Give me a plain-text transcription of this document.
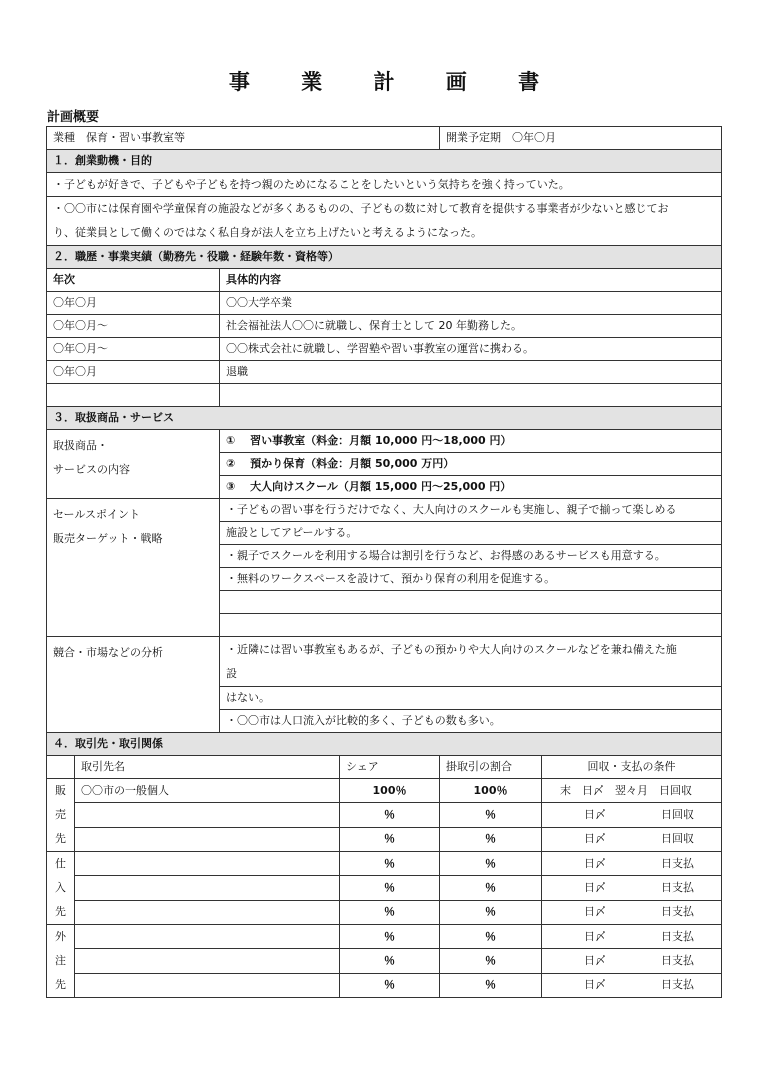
事 業 計 画 書
計画概要
業種　保育・習い事教室等				開業予定期　〇年〇月	
１．創業動機・目的					
・子どもが好きで、子どもや子どもを持つ親のためになることをしたいという気持ちを強く持っていた。					
・〇〇市には保育園や学童保育の施設などが多くあるものの、子どもの数に対して教育を提供する事業者が少ないと感じてお
り、従業員として働くのではなく私自身が法人を立ち上げたいと考えるようになった。					
２．職歴・事業実績（勤務先・役職・経験年数・資格等）					
年次		具体的内容			
〇年〇月		〇〇大学卒業			
〇年〇月～		社会福祉法人〇〇に就職し、保育士として 20 年勤務した。			
〇年〇月～		〇〇株式会社に就職し、学習塾や習い事教室の運営に携わる。			
〇年〇月		退職			

３．取扱商品・サービス					
取扱商品・
サービスの内容		①　 習い事教室（料金：月額 10,000 円～18,000 円）			
		②　 預かり保育（料金：月額 50,000 万円）			
		③　 大人向けスクール（月額 15,000 円～25,000 円）			
セールスポイント
販売ターゲット・戦略		・子どもの習い事を行うだけでなく、大人向けのスクールも実施し、親子で揃って楽しめる			
		施設としてアピールする。			
		・親子でスクールを利用する場合は割引を行うなど、お得感のあるサービスも用意する。			
		・無料のワークスペースを設けて、預かり保育の利用を促進する。			

競合・市場などの分析		・近隣には習い事教室もあるが、子どもの預かりや大人向けのスクールなどを兼ね備えた施
設			
		はない。			
		・〇〇市は人口流入が比較的多く、子どもの数も多い。			
４．取引先・取引関係					
	取引先名		シェア	掛取引の割合	回収・支払の条件
販
売
先	〇〇市の一般個人		100％	100％	末　日〆　翌々月　日回収
			％	％	日〆　　　　　日回収
			％	％	日〆　　　　　日回収
仕
入
先			％	％	日〆　　　　　日支払
			％	％	日〆　　　　　日支払
			％	％	日〆　　　　　日支払
外
注
先			％	％	日〆　　　　　日支払
			％	％	日〆　　　　　日支払
			％	％	日〆　　　　　日支払
